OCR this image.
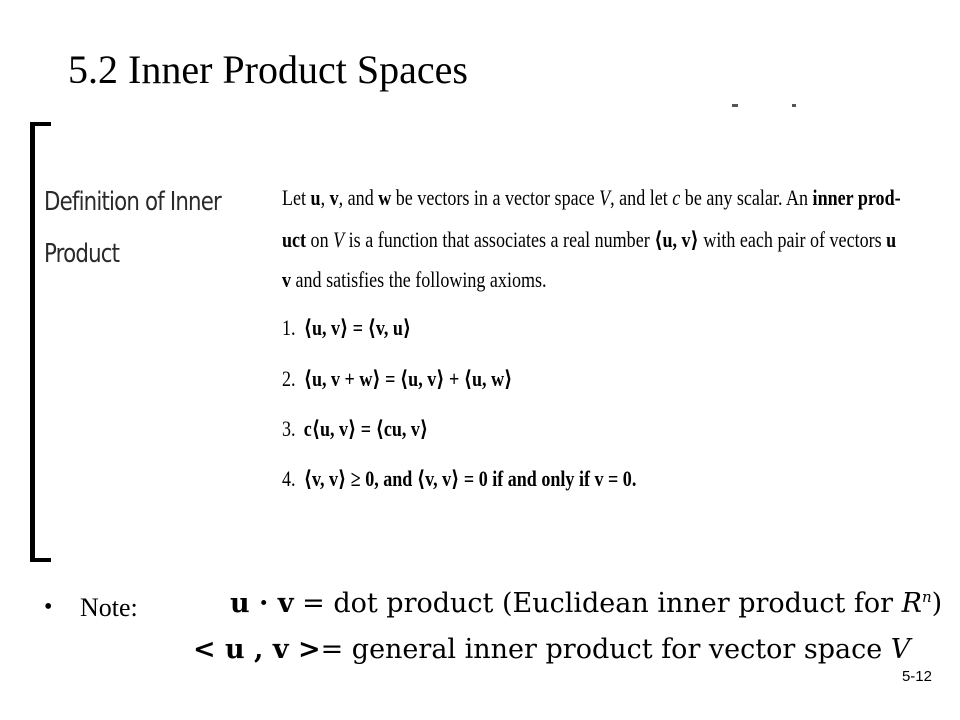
5.2 Inner Product Spaces
Definition of Inner
Product
Let u, v, and w be vectors in a vector space V, and let c be any scalar. An inner prod-
uct on V is a function that associates a real number ⟨u, v⟩ with each pair of vectors u
v and satisfies the following axioms.
1. ⟨u, v⟩ = ⟨v, u⟩
2. ⟨u, v + w⟩ = ⟨u, v⟩ + ⟨u, w⟩
3. c⟨u, v⟩ = ⟨cu, v⟩
4. ⟨v, v⟩ ≥ 0, and ⟨v, v⟩ = 0 if and only if v = 0.
• Note:	u · v = dot product (Euclidean inner product for $R^n$)
< u , v >= general inner product for vector space V
5-12
